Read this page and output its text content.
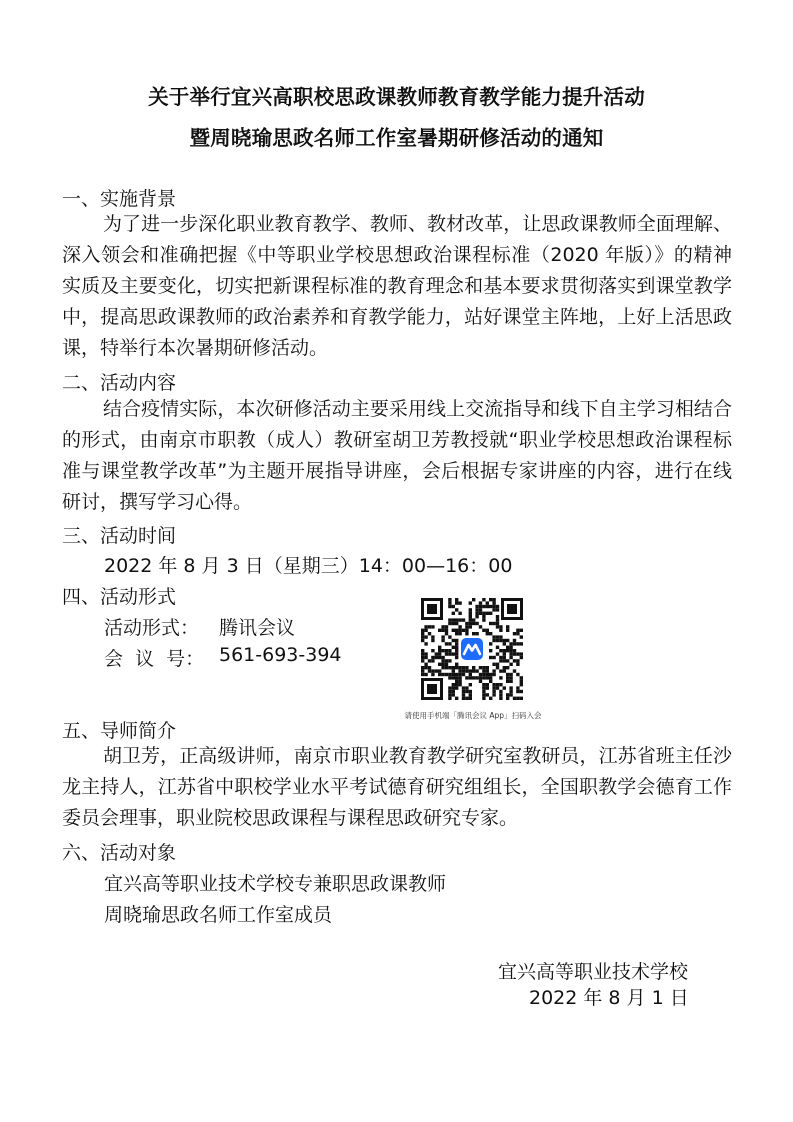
关于举行宜兴高职校思政课教师教育教学能力提升活动
暨周晓瑜思政名师工作室暑期研修活动的通知
一、实施背景
为了进一步深化职业教育教学、教师、教材改革，让思政课教师全面理解、深入领会和准确把握《中等职业学校思想政治课程标准（2020 年版）》的精神实质及主要变化，切实把新课程标准的教育理念和基本要求贯彻落实到课堂教学中，提高思政课教师的政治素养和育教学能力，站好课堂主阵地，上好上活思政课，特举行本次暑期研修活动。
二、活动内容
结合疫情实际，本次研修活动主要采用线上交流指导和线下自主学习相结合的形式，由南京市职教（成人）教研室胡卫芳教授就“职业学校思想政治课程标准与课堂教学改革”为主题开展指导讲座，会后根据专家讲座的内容，进行在线研讨，撰写学习心得。
三、活动时间
2022 年 8 月 3 日（星期三）14：00—16：00
四、活动形式
活动形式： 腾讯会议
会  议  号： 561-693-394
请使用手机端「腾讯会议 App」扫码入会
五、导师简介
胡卫芳，正高级讲师，南京市职业教育教学研究室教研员，江苏省班主任沙龙主持人，江苏省中职校学业水平考试德育研究组组长，全国职教学会德育工作委员会理事，职业院校思政课程与课程思政研究专家。
六、活动对象
宜兴高等职业技术学校专兼职思政课教师
周晓瑜思政名师工作室成员
宜兴高等职业技术学校
2022 年 8 月 1 日
